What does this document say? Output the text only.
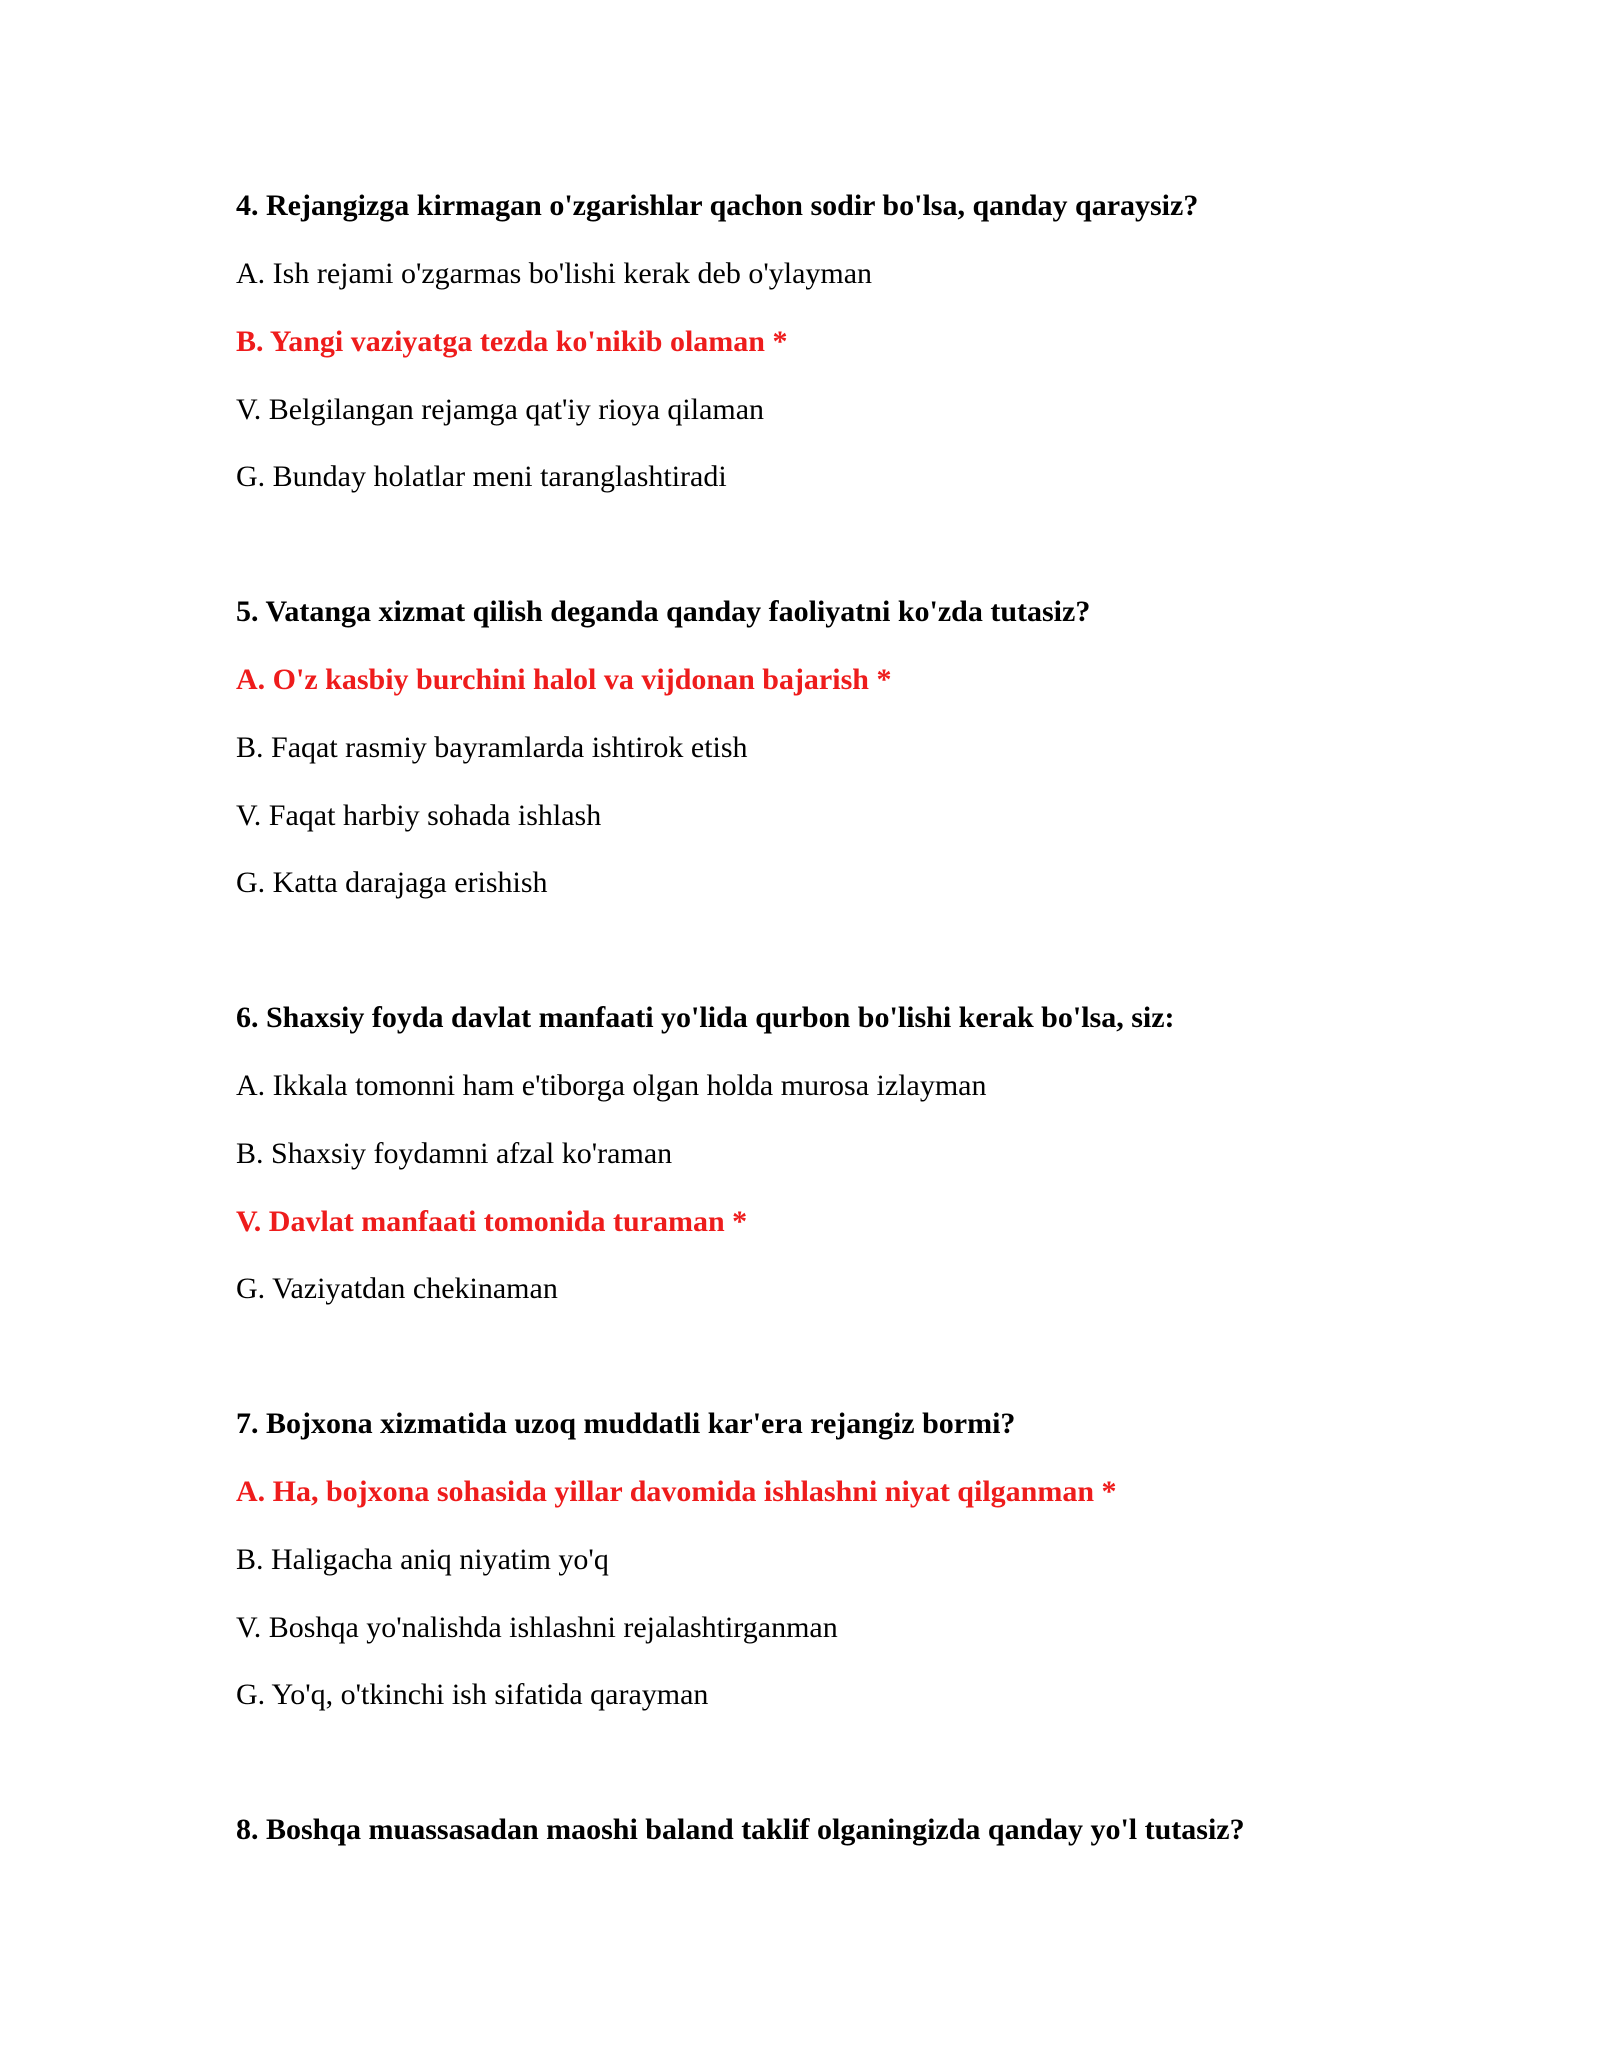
4. Rejangizga kirmagan o'zgarishlar qachon sodir bo'lsa, qanday qaraysiz?
A. Ish rejami o'zgarmas bo'lishi kerak deb o'ylayman
B. Yangi vaziyatga tezda ko'nikib olaman *
V. Belgilangan rejamga qat'iy rioya qilaman
G. Bunday holatlar meni taranglashtiradi
5. Vatanga xizmat qilish deganda qanday faoliyatni ko'zda tutasiz?
A. O'z kasbiy burchini halol va vijdonan bajarish *
B. Faqat rasmiy bayramlarda ishtirok etish
V. Faqat harbiy sohada ishlash
G. Katta darajaga erishish
6. Shaxsiy foyda davlat manfaati yo'lida qurbon bo'lishi kerak bo'lsa, siz:
A. Ikkala tomonni ham e'tiborga olgan holda murosa izlayman
B. Shaxsiy foydamni afzal ko'raman
V. Davlat manfaati tomonida turaman *
G. Vaziyatdan chekinaman
7. Bojxona xizmatida uzoq muddatli kar'era rejangiz bormi?
A. Ha, bojxona sohasida yillar davomida ishlashni niyat qilganman *
B. Haligacha aniq niyatim yo'q
V. Boshqa yo'nalishda ishlashni rejalashtirganman
G. Yo'q, o'tkinchi ish sifatida qarayman
8. Boshqa muassasadan maoshi baland taklif olganingizda qanday yo'l tutasiz?
